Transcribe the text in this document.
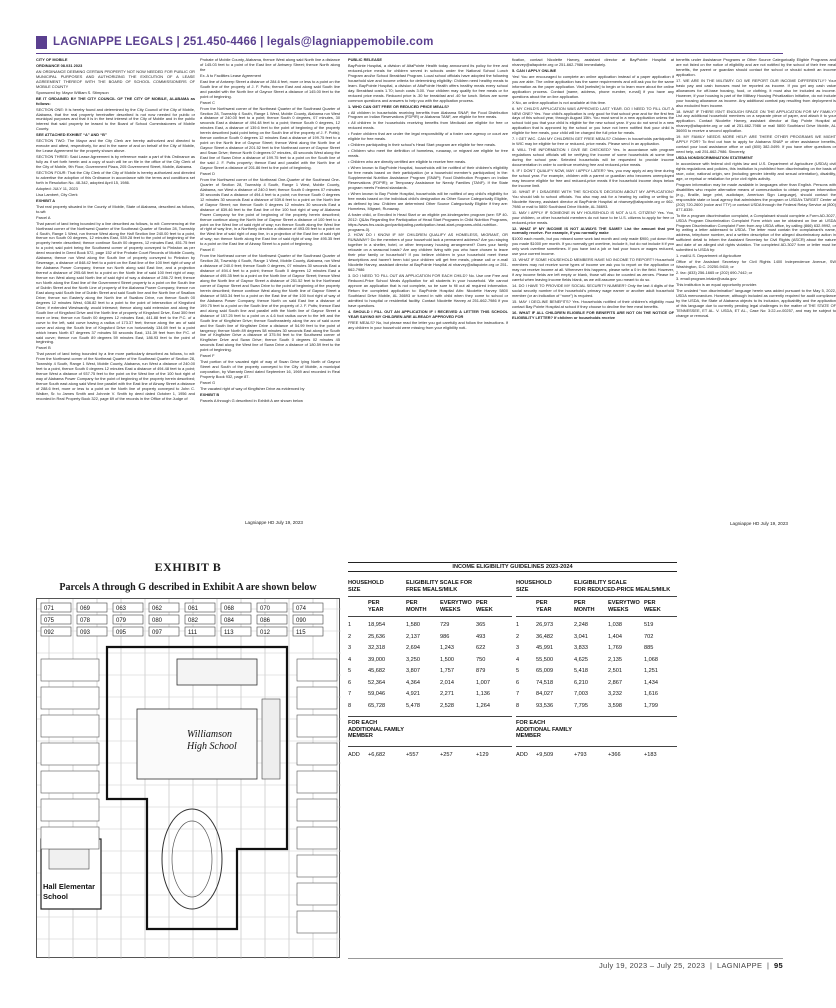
LAGNIAPPE LEGALS | 251.450-4466 | legals@lagniappemobile.com

CITY OF MOBILE

ORDINANCE 08.031 2023

AN ORDINANCE DEEMING CERTAIN PROPERTY NOT NOW NEEDED FOR PUBLIC OR MUNICIPAL PURPOSES AND AUTHORIZING THE EXECUTION OF A LEASE AGREEMENT THEREOF WITH THE BOARD OF SCHOOL COMMISSIONERS OF MOBILE COUNTY

Sponsored by: Mayor William S. Stimpson

BE IT ORDAINED BY THE CITY COUNCIL OF THE CITY OF MOBILE, ALABAMA as follows:

SECTION ONE: It is hereby found and determined by the City Council of the City of Mobile, Alabama, that the real property hereinafter described is not now needed for public or municipal purposes and that it is in the best interest of the City of Mobile and in the public interest that said property be leased to the Board of School Commissioners of Mobile County.

SEE ATTACHED EXHIBIT “A” AND “B”

SECTION TWO: The Mayor and the City Clerk are hereby authorized and directed to execute and attest, respectively, for and in the name of and on behalf of the City of Mobile, the Lease Agreement for the property shown above.

SECTION THREE: Said Lease Agreement is by reference made a part of this Ordinance as fully as if set forth herein and a copy of such will be on file in the office of the City Clerk of the City of Mobile, 9th Floor, Government Plaza, 205 Government Street, Mobile, Alabama.

SECTION FOUR: That the City Clerk of the City of Mobile is hereby authorized and directed to advertise the adoption of this Ordinance in accordance with the terms and conditions set forth in Resolution No. 48-342, adopted April 15, 1986.

Adopted: JULY 11, 2023

Lisa Lambert, City Clerk

EXHIBIT A

That real property situated in the County of Mobile, State of Alabama, described as follows, to-wit:

Parcel A

That parcel of land being bounded by a line described as follows, to wit: Commencing at the Northeast corner of the Northwest Quarter of the Southeast Quarter of Section 28, Township 4 South, Range 1 West, run thence West along the Half Section line 240.00 feet to a point, thence run South 00 degrees, 12 minutes East, 539.28 feet to the point of beginning of the property herein described; thence continue South 00 degrees, 12 minutes East, 451.75 feet to a point; said point being the Southwest corner of property conveyed to Pinkston as per deed recorded in Deed Book 572, page 152 of the Probate Court Records of Mobile County, Alabama; thence run West along the South line of property conveyed to Pinkston by Sewerage, a distance of 848.42 feet to a point on the East line of the 100 feet right of way of the Alabama Power Company; thence run North along said East line, and a projection thereof a distance of 295.68 feet to a point on the North line of said 100 feet right of way; thence run West along said North line of said right of way a distance of 286.72 feet; thence run North along the East line of the Government Street property to a point on the South line of Dublin Street and the North Line of property of the Alabama Power Company; thence run East along said South line of Dublin Street and said South line and the North line of Swallow Drive; thence run Easterly along the North line of Swallow Drive, run thence South 00 degrees 12 minutes West, 636.82 feet to a point to the point of intersection of Kingsford Drive; if extended Westwardly, would intersect; thence along said extension and along the South line of Kingsford Drive and the North line of property of Kingsford Drive, East 300 feet more or less; thence run South 00 degrees 12 minutes East, 441.88 feet to the P.C. of a curve to the left, said curve having a radius of 173.37 feet; thence along the arc of said curve and along the South line of Kingsford Drive run horizontally 134.69 feet to a point which bears North 67 degrees 37 minutes 50 seconds East, 131.39 feet from the P.C. of said curve; thence run South 89 degrees 59 minutes East, 186.93 feet to the point of beginning.

Parcel B

That parcel of land being bounded by a line more particularly described as follows, to wit: From the Northwest corner of the Northeast Quarter of the Southeast Quarter of Section 28, Township 4 South, Range 1 West, Mobile County, Alabama, run West a distance of 240.00 feet to a point, thence South 0 degrees 12 minutes East a distance of 494.48 feet to a point; thence West a distance of 937.75 feet to the point on the West line of the 100 foot right of way of Alabama Power Company for the point of beginning of the property herein described; thence South east along said West line parallel with the East line of Airway Street a distance of 288.6 feet, more or less to a point on the North line of property conveyed to John C. Walker, Sr. to James Smith and Johnnie V. Smith by deed dated October 1, 1956 and recorded in Real Property Book 322, page 69 of the records in the Office of the Judge of

Probate of Mobile County, Alabama, thence West along said North line a distance of 145.03 feet to a point of the East line of Antwerp Street; thence North along the

Ex. A to Facilities Lease Agreement

East line of Antwerp Street a distance of 284.6 feet, more or less to a point on the South line of the property of J. F. Potts; thence East and along said South line and parallel with the North line of Gaynor Street a distance of 145.00 feet to the point of beginning.

Parcel C

From the Northwest corner of the Northeast Quarter of the Southeast Quarter of Section 28, Township 4 South, Range 1 West, Mobile County, Alabama run West a distance of 240.00 feet to a point; thence South 0 degrees, 07 minutes, 30 seconds East a distance of 494.48 feet to a point; thence South 0 degrees, 12 minutes East, a distance of 139.6 feet to the point of beginning of the property herein described (said point being on the South line of the property of J. F. Potts); thence continue South 0 degrees 12 minutes East a distance of 199.75 feet to a point on the North line of Gaynor Street; thence West along the North line of Gaynor Street a distance of 201.52 feet to the Northeast corner of Gaynor Street and Swan Drive; thence North 0 degrees 07 minutes, 45 seconds West along the East line of Swan Drive a distance of 199.75 feet to a point on the South line of the said J. F. Potts property; thence East and parallel with the North line of Gaynor Street a distance of 201.86 feet to the point of beginning.

Parcel D

From the Northwest corner of the Northeast One-Quarter of the Southeast One-Quarter of Section 28, Township 4 South, Range 1 West, Mobile County, Alabama, run West a distance of 240.0 feet; thence South 0 degrees 07 minutes 30 seconds East a distance of 494.4 feet to a point; run thence South 0 degrees 12 minutes 30 seconds East a distance of 539.6 feet to a point on the North line of Gaynor Street; run thence South 0 degrees 12 minutes 30 seconds East a distance of 839.46 feet to the East line of the 100 foot right of way of Alabama Power Company for the point of beginning of the property herein described; thence continue along the North line of Gaynor Street a distance of 100 feet to a point on the West line of said right of way; run thence South along the West line of right of way line, in a Northerly direction a distance of 493.05 feet to a point on the West line of said right of way line, in a projection of the East line of said right of way; run thence North along the East line of said right of way line 495.35 feet to a point on the East line of Airway Street to a point of beginning.

Parcel E

From the Northeast corner of the Northwest Quarter of the Southeast Quarter of Section 28, Township 4 South, Range 1 West, Mobile County, Alabama, run West a distance of 240.0 feet; thence South 0 degrees, 07 minutes 30 seconds East a distance of 494.4 feet to a point; thence South 0 degrees 12 minutes East a distance of 495.35 feet to a point on the North line of Gaynor Street; thence West along the North line of Gaynor Street a distance of 251.52 feet to the Northeast corner of Gaynor Street and Swan Drive to the point of beginning of the property herein described; thence continue West along the North line of Gaynor Street a distance of 583.34 feet to a point on the East line of the 100 foot right of way of the Alabama Power Company; thence North on said East line a distance of 199.75 feet to a point on the South line of the property of J. F. Potts; thence East and along said South line and parallel with the North line of Gaynor Street a distance of 157.25 feet to a point on a 4-6 foot radius curve to the left and the South line of Kingfisher Drive; thence Southeasterly along the arc of said curve and the South line of Kingfisher Drive a distance of 54.99 feet to the point of tangency; thence North 89 degrees 58 minutes 30 seconds East along the South line of Kingfisher Drive a distance of 375.94 feet to the Southwest corner of Kingfisher Drive and Swan Drive; thence South 0 degrees 02 minutes 45 seconds East along the West line of Swan Drive a distance of 180.59 feet to the point of beginning.

Parcel F

That portion of the vacated right of way of Swan Drive lying North of Gaynor Street and South of the property conveyed to the City of Mobile, a municipal corporation, by Warranty Deed dated September 16, 1969 and recorded in Real Property Book 932, page 87.

Parcel G

The vacated right of way of Kingfisher Drive as evidenced by

EXHIBIT B

Parcels A through G described in Exhibit A are shown below

Lagniappe HD July 19, 2023

PUBLIC RELEASE

BayPointe Hospital, a division of AltaPointe Health today announced its policy for free and reduced-price meals for children served in schools under the National School Lunch Program and/or School Breakfast Program. Local school officials have adopted the following household size and income criteria for determining eligibility: Children need healthy meals to learn. BayPointe Hospital, a division of AltaPointe Health offers healthy meals every school day. Breakfast costs 1.70; lunch costs 3.00. Your children may qualify for free meals or for reduced price meals. Reduced price is .30 for breakfast and .40 for lunch. Below are some common questions and answers to help you with the application process.

1. WHO CAN GET FREE OR REDUCED PRICE MEALS?

• All children in households receiving benefits from Alabama SNAP, the Food Distribution Program on Indian Reservations (FDPIR) or Alabama TANF, are eligible for free meals.

• All children in the households receiving benefits from Medicaid are eligible for free or reduced meals.

• Foster children that are under the legal responsibility of a foster care agency or court are eligible for free meals.

• Children participating in their school’s Head Start program are eligible for free meals.

• Children who meet the definition of homeless, runaway, or migrant are eligible for free meals.

• Children who are directly certified are eligible to receive free meals.

• When known to BayPointe Hospital, households will be notified of their children’s eligibility for free meals based on their participation (or a household member’s participation) in the: Supplemental Nutrition Assistance Program (SNAP); Food Distribution Program on Indian Reservations (FDPIR); or Temporary Assistance for Needy Families (TANF). If the State program meets Federal standards.

• When known to Bay Pointe Hospital, households will be notified of any child’s eligibility for free meals based on the individual child’s designation as Other Source Categorically Eligible, as defined by law. Children are determined Other Source Categorically Eligible if they are: Homeless, Migrant, Runaway.

A foster child, or Enrolled in Head Start or an eligible pre-kindergarten program (see: SP 40-2012: Q&As Regarding the Participation of Head Start Programs in Child Nutrition Programs, https://www.fns.usda.gov/participating-participation-head-start-programs-child-nutrition-programs-0).

2. HOW DO I KNOW IF MY CHILDREN QUALIFY AS HOMELESS, MIGRANT, OR RUNAWAY? Do the members of your household lack a permanent address? Are you staying together in a shelter, hotel, or other temporary housing arrangement? Does your family relocate on a seasonal basis? Are any children living with you who have chosen to leave their prior family or household? If you believe children in your household meet these descriptions and haven’t been told your children will get free meals, please call or e-mail Nicolette Harvey, assistant director at BayPointe Hospital at nharvey@altapointe.org or 251-662-7986

3. DO I NEED TO FILL OUT AN APPLICATION FOR EACH CHILD? No. Use one Free and Reduced-Price School Meals Application for all students in your household. We cannot approve an application that is not complete, so be sure to fill out all required information. Return the completed application to: BayPointe Hospital Attn: Nicolette Harvey 5800 Southland Drive Mobile, AL 36693 or turned in with child when they come to school or admitted to hospital or residential facility. Contact Nicolette Harvey at 251-662-7986 if you have questions.

4. SHOULD I FILL OUT AN APPLICATION IF I RECEIVED A LETTER THIS SCHOOL YEAR SAYING MY CHILDREN ARE ALREADY APPROVED FOR

FREE MEALS? No, but please read the letter you got carefully and follow the instructions. If any children in your household were missing from your eligibility noti-

fication, contact Nicolette Harvey, assistant director at BayPointe Hospital at nharvey@altapointe.org or 251-662-7986 immediately.

5. CAN I APPLY ONLINE

Yes! You are encouraged to complete an online application instead of a paper application if you are able. The online application has the same requirements and will ask you for the same information as the paper application. Visit [website] to begin or to learn more about the online application process. Contact [name, address, phone number, e-mail] if you have any questions about the on line application.

X No, an online application is not available at this time.

6. MY CHILD’S APPLICATION WAS APPROVED LAST YEAR. DO I NEED TO FILL OUT A NEW ONE? Yes. Your child’s application is only good for that school year and for the first few days of this school year, through August 15th. You must send in a new application unless the school told you that your child is eligible for the new school year. If you do not send in a new application that is approved by the school or you have not been notified that your child is eligible for free meals, your child will be charged the full price for meals.

7. I GET WIC. CAN MY CHILDREN GET FREE MEALS? Children in households participating in WIC may be eligible for free or reduced- price meals. Please send in an application.

8. WILL THE INFORMATION I GIVE BE CHECKED? Yes. In accordance with program regulations school officials will be verifying the income of some households at some time during the school year. Selected households will be requested to provide income documentation in order to continue receiving free and reduced-price meals.

9. IF I DON’T QUALIFY NOW, MAY I APPLY LATER? Yes, you may apply at any time during the school year. For example, children with a parent or guardian who becomes unemployed may become eligible for free and reduced-price meals if the household income drops below the income limit.

10. WHAT IF I DISAGREE WITH THE SCHOOL’S DECISION ABOUT MY APPLICATION? You should talk to school officials. You also may ask for a hearing by calling or writing to: Nicolette Harvey, assistant director at BayPointe Hospital at nharvey@altapointe.org or 662-7986 or mail to 5800 Southland Drive Mobile, AL 36693.

11. MAY I APPLY IF SOMEONE IN MY HOUSEHOLD IS NOT A U.S. CITIZEN? Yes. You, your children, or other household members do not have to be U.S. citizens to apply for free or reduced-price meals.

12. WHAT IF MY INCOME IS NOT ALWAYS THE SAME? List the amount that you normally receive. For example, if you normally make

$1000 each month, but you missed some work last month and only made $900, put down that you made $1000 per month. If you normally get overtime, include it, but do not include it if you only work overtime sometimes. If you have lost a job or had your hours or wages reduced, use your current income.

13. WHAT IF SOME HOUSEHOLD MEMBERS HAVE NO INCOME TO REPORT? Household members may not receive some types of income we ask you to report on the application or may not receive income at all. Whenever this happens, please write a 0 in the field. However, if any income fields are left empty or blank, those will also be counted as zeroes. Please be careful when leaving income fields blank, as we will assume you meant to do so.

14. DO I HAVE TO PROVIDE MY SOCIAL SECURITY NUMBER? Only the last 4 digits of the social security number of the household’s primary wage earner or another adult household member (or an indication of “none”) is required.

15. MAY I DECLINE BENEFITS? Yes. Households notified of their children’s eligibility must contact Bay Pointe Hospital at school if they choose to decline the free meal benefits.

16. WHAT IF ALL CHILDREN ELIGIBLE FOR BENEFITS ARE NOT ON THE NOTICE OF ELIGIBILITY LETTER? If children or households receive

benefits under Assistance Programs or Other Source Categorically Eligible Programs and are not listed on the notice of eligibility and are not notified by the school of their free meal benefits, the parent or guardian should contact the school or should submit an income application.

17. WE ARE IN THE MILITARY. DO WE REPORT OUR INCOME DIFFERENTLY? Your basic pay and cash bonuses must be reported as income. If you get any cash value allowances for off-base housing, food, or clothing, it must also be included as income. However, if your housing is part of the Military Housing Privatization Initiative, do not include your housing allowance as income. Any additional combat pay resulting from deployment is also excluded from income.

18. WHAT IF THERE ISN’T ENOUGH SPACE ON THE APPLICATION FOR MY FAMILY? List any additional household members on a separate piece of paper, and attach it to your application. Contact Nicolette Harvey, assistant director at Bay Pointe Hospital at nharvey@altapointe.org or call at 251-662-7986 or mail 5800 Southland Drive Mobile, AL 36693 to receive a second application.

19. MY FAMILY NEEDS MORE HELP. ARE THERE OTHER PROGRAMS WE MIGHT APPLY FOR? To find out how to apply for Alabama SNAP or other assistance benefits, contact your local assistance office or call (800) 382-0499. If you have other questions or need help, call 251-662-7986. Sincerely,

USDA NONDISCRIMINATION STATEMENT

In accordance with federal civil rights law and U.S. Department of Agriculture (USDA) civil rights regulations and policies, this institution is prohibited from discriminating on the basis of race, color, national origin, sex (including gender identity and sexual orientation), disability, age, or reprisal or retaliation for prior civil rights activity.

Program information may be made available in languages other than English. Persons with disabilities who require alternative means of communication to obtain program information (e.g., Braille, large print, audiotape, American Sign Language), should contact the responsible state or local agency that administers the program or USDA’s TARGET Center at (202) 720-2600 (voice and TTY) or contact USDA through the Federal Relay Service at (800) 877-8339.

To file a program discrimination complaint, a Complainant should complete a Form AD-3027, USDA Program Discrimination Complaint Form which can be obtained on line at: USDA Program Discrimination Complaint Form from any USDA office, by calling (866) 632-9992, or by writing a letter addressed to USDA. The letter must contain the complainant’s name, address, telephone number, and a written description of the alleged discriminatory action in sufficient detail to inform the Assistant Secretary for Civil Rights (ASCR) about the nature and date of an alleged civil rights violation. The completed AD-3027 form or letter must be submitted to USDA by:

1. mail:U.S. Department of Agriculture

Office of the Assistant Secretary for Civil Rights 1400 Independence Avenue, SW Washington, D.C. 20250-9410; or

2. fax: (833) 256-1665 or (202) 690-7442; or

3. email:program.intake@usda.gov

This institution is an equal opportunity provider.

The undated “non discrimination” language herein was added pursuant to the May 5, 2022, USDA memorandum. However, although included as currently required for audit compliance by the USDA, the State of Alabama objects to its inclusion, applicability and the application of this language due to currently pending legal challenges in the matter of THE STATE OF TENNESSEE, ET AL. V. USDA, ET AL., Case No: 3:22-cv-00257, and may be subject to change or removal.

Lagniappe HD July 19, 2023
EXHIBIT B
Parcels A through G described in Exhibit A are shown below
071	069	063	062	061	068	070	074
075	078	079	080	082	084	086	090
092	093	095	097	111	113	012	115
Williamson
High School
Hall Elementar
School
INCOME ELIGIBILITY GUIDELINES 2023-2024
HOUSEHOLD
SIZE
ELIGIBILITY SCALE FOR
FREE MEALS/MILK
PER
YEAR
PER
MONTH
EVERYTWO
WEEKS
PER
WEEK
1	18,954	1,580	729	365
2	25,636	2,137	986	493
3	32,318	2,694	1,243	622
4	39,000	3,250	1,500	750
5	45,682	3,807	1,757	879
6	52,364	4,364	2,014	1,007
7	59,046	4,921	2,271	1,136
8	65,728	5,478	2,528	1,264
FOR EACH
ADDITIONAL FAMILY
MEMBER
ADD +6,682	+557	+257	+129
HOUSEHOLD
SIZE
ELIGIBILITY SCALE
FOR REDUCED-PRICE MEALS/MILK
PER
YEAR
PER
MONTH
EVERYTWO
WEEKS
PER
WEEK
1	26,973	2,248	1,038	519
2	36,482	3,041	1,404	702
3	45,991	3,833	1,769	885
4	55,500	4,625	2,135	1,068
5	65,009	5,418	2,501	1,251
6	74,518	6,210	2,867	1,434
7	84,027	7,003	3,232	1,616
8	93,536	7,795	3,598	1,799
FOR EACH
ADDITIONAL FAMILY
MEMBER
ADD +9,509	+793	+366	+183
July 19, 2023 – July 25, 2023  |  LAGNIAPPE  |  95
